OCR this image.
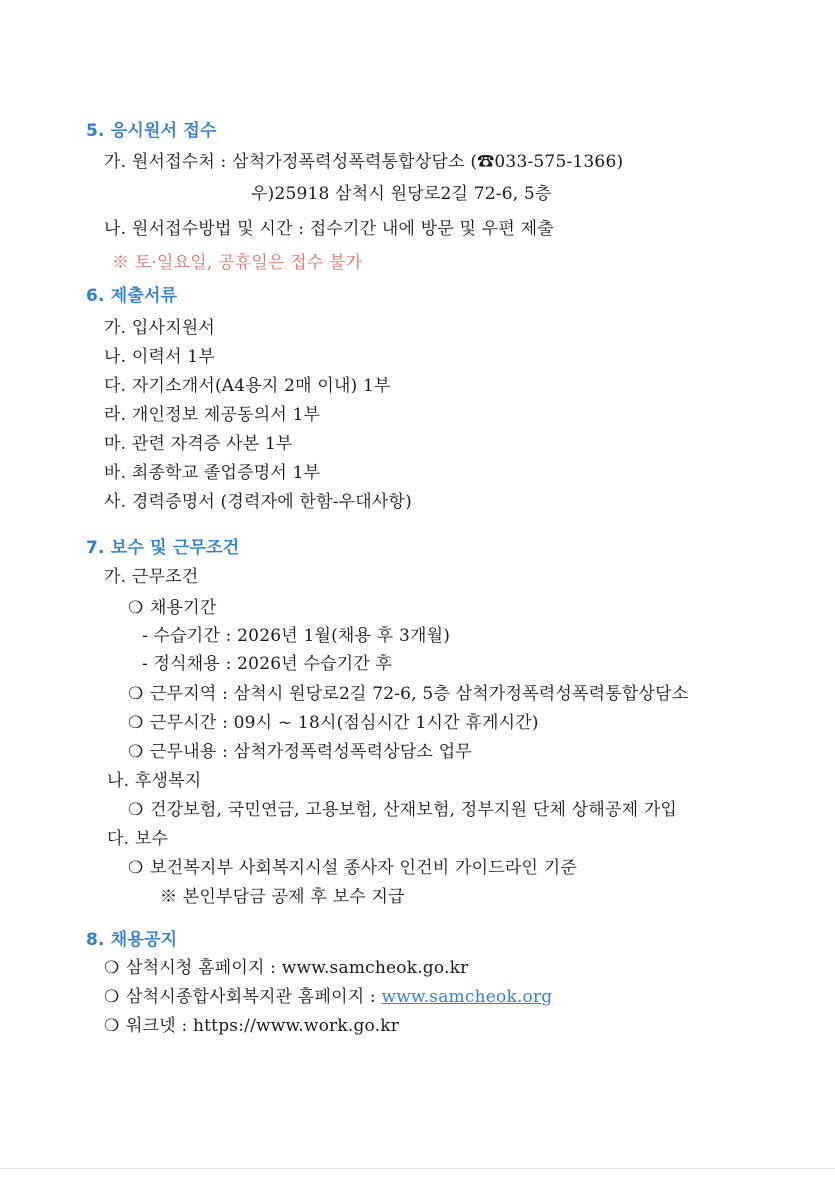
5. 응시원서 접수
가. 원서접수처 : 삼척가정폭력성폭력통합상담소 (☎033-575-1366)
우)25918 삼척시 원당로2길 72-6, 5층
나. 원서접수방법 및 시간 : 접수기간 내에 방문 및 우편 제출
※ 토·일요일, 공휴일은 접수 불가
6. 제출서류
가. 입사지원서
나. 이력서 1부
다. 자기소개서(A4용지 2매 이내) 1부
라. 개인정보 제공동의서 1부
마. 관련 자격증 사본 1부
바. 최종학교 졸업증명서 1부
사. 경력증명서 (경력자에 한함-우대사항)
7. 보수 및 근무조건
가. 근무조건
❍ 채용기간
- 수습기간 : 2026년 1월(채용 후 3개월)
- 정식채용 : 2026년 수습기간 후
❍ 근무지역 : 삼척시 원당로2길 72-6, 5층 삼척가정폭력성폭력통합상담소
❍ 근무시간 : 09시 ~ 18시(점심시간 1시간 휴게시간)
❍ 근무내용 : 삼척가정폭력성폭력상담소 업무
나. 후생복지
❍ 건강보험, 국민연금, 고용보험, 산재보험, 정부지원 단체 상해공제 가입
다. 보수
❍ 보건복지부 사회복지시설 종사자 인건비 가이드라인 기준
※ 본인부담금 공제 후 보수 지급
8. 채용공지
❍ 삼척시청 홈페이지 : www.samcheok.go.kr
❍ 삼척시종합사회복지관 홈페이지 : www.samcheok.org
❍ 워크넷 : https://www.work.go.kr
